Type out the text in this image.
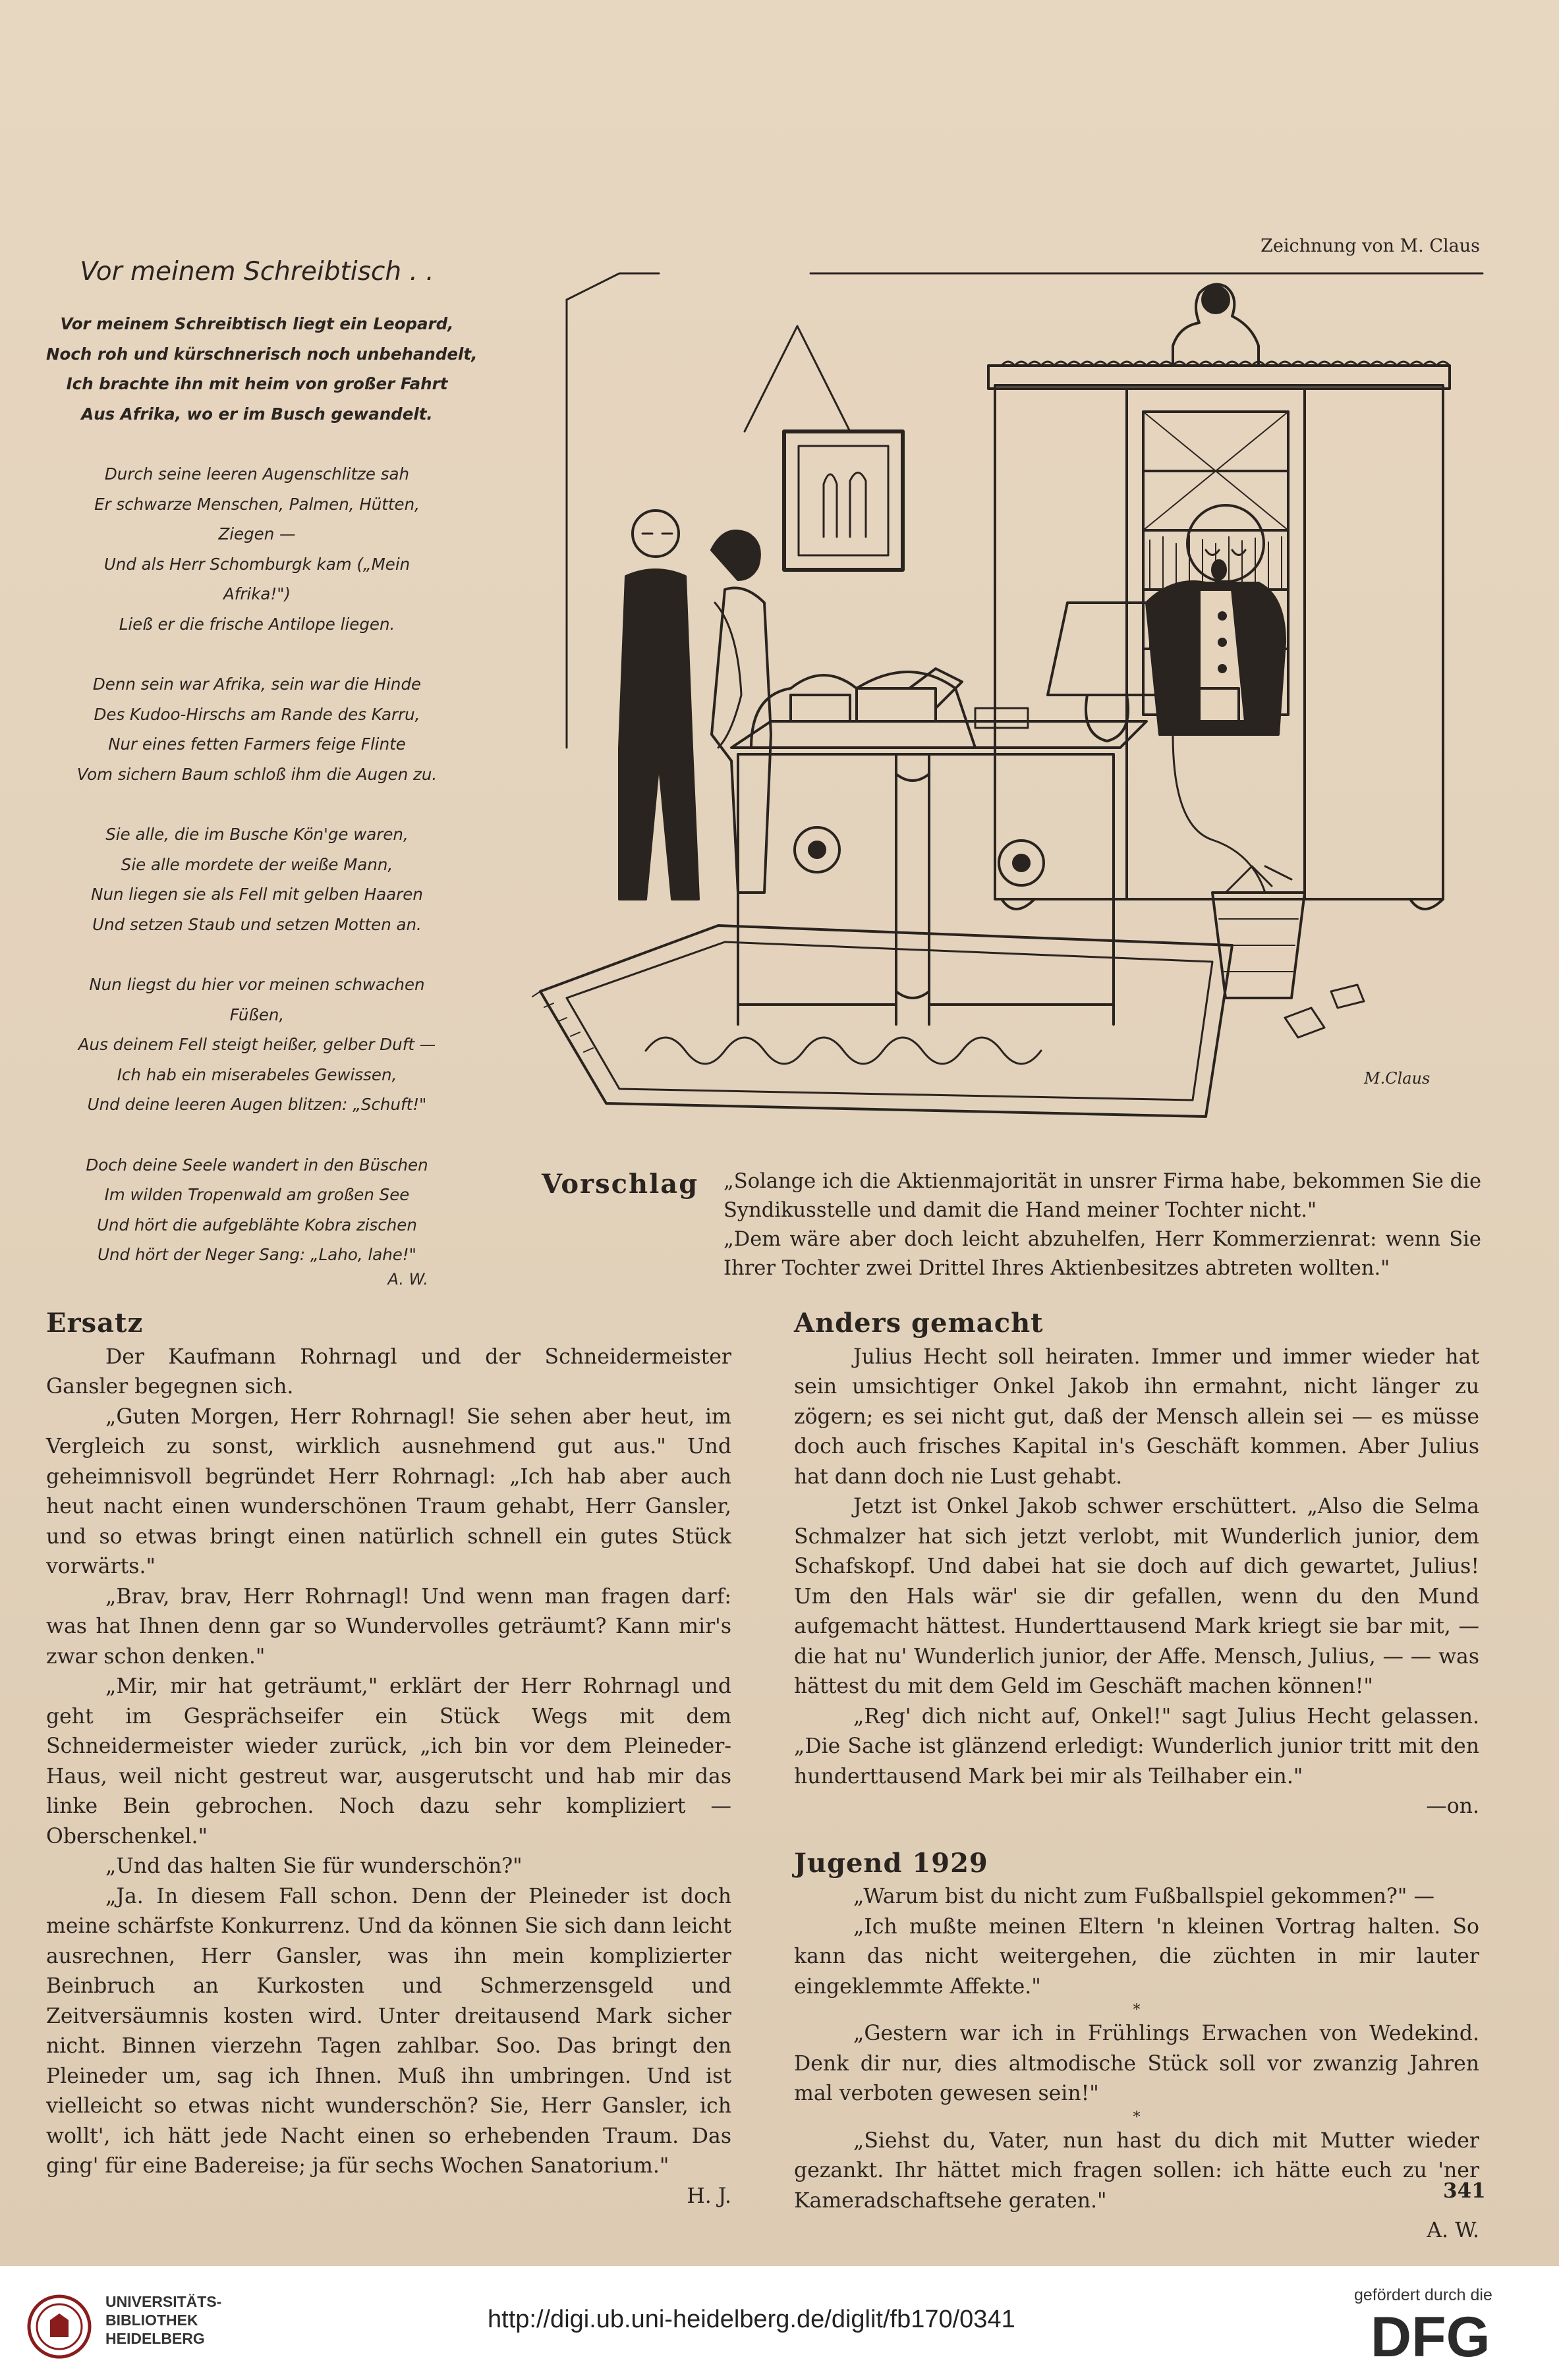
Vor meinem Schreibtisch . .
Vor meinem Schreibtisch liegt ein Leopard,
Noch roh und kürschnerisch noch unbehandelt,
Ich brachte ihn mit heim von großer Fahrt
Aus Afrika, wo er im Busch gewandelt.
Durch seine leeren Augenschlitze sah
Er schwarze Menschen, Palmen, Hütten,
Ziegen —
Und als Herr Schomburgk kam („Mein
Afrika!")
Ließ er die frische Antilope liegen.
Denn sein war Afrika, sein war die Hinde
Des Kudoo-Hirschs am Rande des Karru,
Nur eines fetten Farmers feige Flinte
Vom sichern Baum schloß ihm die Augen zu.
Sie alle, die im Busche Kön'ge waren,
Sie alle mordete der weiße Mann,
Nun liegen sie als Fell mit gelben Haaren
Und setzen Staub und setzen Motten an.
Nun liegst du hier vor meinen schwachen
Füßen,
Aus deinem Fell steigt heißer, gelber Duft —
Ich hab ein miserabeles Gewissen,
Und deine leeren Augen blitzen: „Schuft!"
Doch deine Seele wandert in den Büschen
Im wilden Tropenwald am großen See
Und hört die aufgeblähte Kobra zischen
Und hört der Neger Sang: „Laho, lahe!"
A. W.
Zeichnung von M. Claus
M.Claus
Vorschlag „Solange ich die Aktienmajorität in unsrer Firma habe, bekommen Sie die Syndikusstelle und damit die Hand meiner Tochter nicht."

„Dem wäre aber doch leicht abzuhelfen, Herr Kommerzienrat: wenn Sie Ihrer Tochter zwei Drittel Ihres Aktienbesitzes abtreten wollten."

Ersatz

Der Kaufmann Rohrnagl und der Schneidermeister Gansler begegnen sich.

„Guten Morgen, Herr Rohrnagl! Sie sehen aber heut, im Vergleich zu sonst, wirklich ausnehmend gut aus." Und geheimnisvoll begründet Herr Rohrnagl: „Ich hab aber auch heut nacht einen wunderschönen Traum gehabt, Herr Gansler, und so etwas bringt einen natürlich schnell ein gutes Stück vorwärts."

„Brav, brav, Herr Rohrnagl! Und wenn man fragen darf: was hat Ihnen denn gar so Wundervolles geträumt? Kann mir's zwar schon denken."

„Mir, mir hat geträumt," erklärt der Herr Rohrnagl und geht im Gesprächseifer ein Stück Wegs mit dem Schneidermeister wieder zurück, „ich bin vor dem Pleineder-Haus, weil nicht gestreut war, ausgerutscht und hab mir das linke Bein gebrochen. Noch dazu sehr kompliziert — Oberschenkel."

„Und das halten Sie für wunderschön?"

„Ja. In diesem Fall schon. Denn der Pleineder ist doch meine schärfste Konkurrenz. Und da können Sie sich dann leicht ausrechnen, Herr Gansler, was ihn mein komplizierter Beinbruch an Kurkosten und Schmerzensgeld und Zeitversäumnis kosten wird. Unter dreitausend Mark sicher nicht. Binnen vierzehn Tagen zahlbar. Soo. Das bringt den Pleineder um, sag ich Ihnen. Muß ihn umbringen. Und ist vielleicht so etwas nicht wunderschön? Sie, Herr Gansler, ich wollt', ich hätt jede Nacht einen so erhebenden Traum. Das ging' für eine Badereise; ja für sechs Wochen Sanatorium."

H. J.
Anders gemacht

Julius Hecht soll heiraten. Immer und immer wieder hat sein umsichtiger Onkel Jakob ihn ermahnt, nicht länger zu zögern; es sei nicht gut, daß der Mensch allein sei — es müsse doch auch frisches Kapital in's Geschäft kommen. Aber Julius hat dann doch nie Lust gehabt.

Jetzt ist Onkel Jakob schwer erschüttert. „Also die Selma Schmalzer hat sich jetzt verlobt, mit Wunderlich junior, dem Schafskopf. Und dabei hat sie doch auf dich gewartet, Julius! Um den Hals wär' sie dir gefallen, wenn du den Mund aufgemacht hättest. Hunderttausend Mark kriegt sie bar mit, — die hat nu' Wunderlich junior, der Affe. Mensch, Julius, — — was hättest du mit dem Geld im Geschäft machen können!"

„Reg' dich nicht auf, Onkel!" sagt Julius Hecht gelassen. „Die Sache ist glänzend erledigt: Wunderlich junior tritt mit den hunderttausend Mark bei mir als Teilhaber ein."

—on.
Jugend 1929

„Warum bist du nicht zum Fußballspiel gekommen?" —

„Ich mußte meinen Eltern 'n kleinen Vortrag halten. So kann das nicht weitergehen, die züchten in mir lauter eingeklemmte Affekte."

*

„Gestern war ich in Frühlings Erwachen von Wedekind. Denk dir nur, dies altmodische Stück soll vor zwanzig Jahren mal verboten gewesen sein!"

*

„Siehst du, Vater, nun hast du dich mit Mutter wieder gezankt. Ihr hättet mich fragen sollen: ich hätte euch zu 'ner Kameradschaftsehe geraten."

A. W.
341
UNIVERSITÄTS-
BIBLIOTHEK
HEIDELBERG
http://digi.ub.uni-heidelberg.de/diglit/fb170/0341
gefördert durch die
DFG
